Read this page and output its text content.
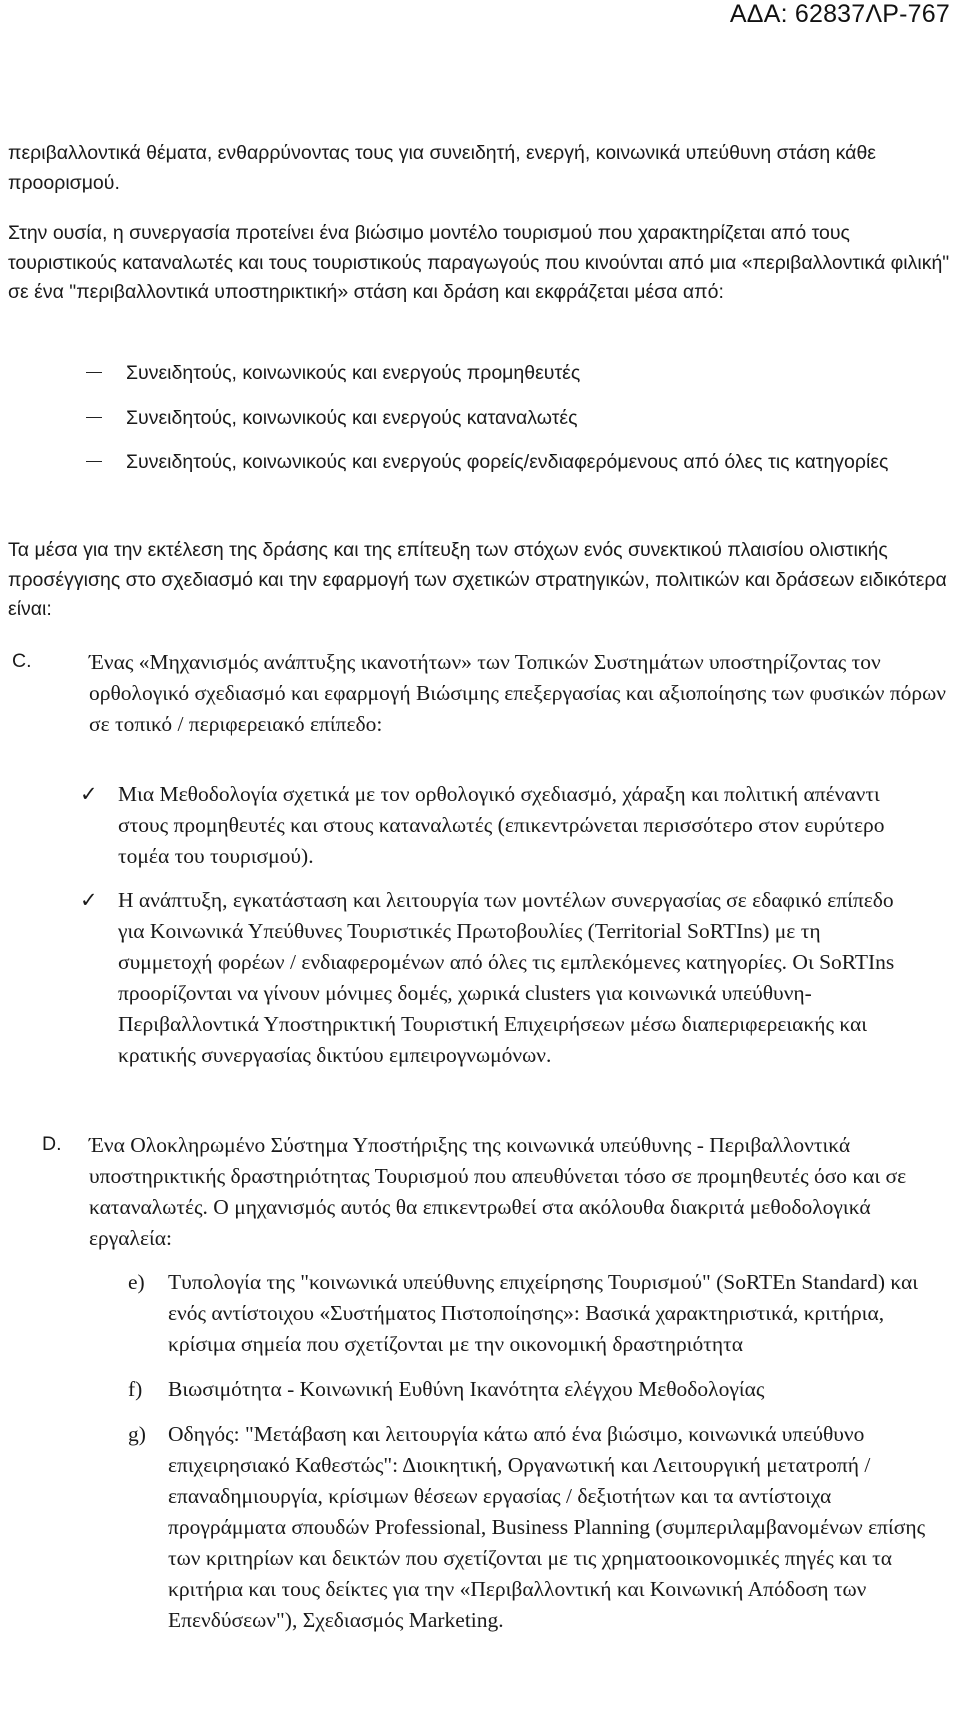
ΑΔΑ: 62837ΛΡ-767

περιβαλλοντικά θέματα, ενθαρρύνοντας τους για συνειδητή, ενεργή, κοινωνικά υπεύθυνη στάση κάθε προορισμού.

Στην ουσία, η συνεργασία προτείνει ένα βιώσιμο μοντέλο τουρισμού που χαρακτηρίζεται από τους τουριστικούς καταναλωτές και τους τουριστικούς παραγωγούς που κινούνται από μια «περιβαλλοντικά φιλική" σε ένα "περιβαλλοντικά υποστηρικτική» στάση και δράση και εκφράζεται μέσα από:

Συνειδητούς, κοινωνικούς και ενεργούς προμηθευτές
Συνειδητούς, κοινωνικούς και ενεργούς καταναλωτές
Συνειδητούς, κοινωνικούς και ενεργούς φορείς/ενδιαφερόμενους από όλες τις κατηγορίες

Τα μέσα για την εκτέλεση της δράσης και της επίτευξη των στόχων ενός συνεκτικού πλαισίου ολιστικής προσέγγισης στο σχεδιασμό και την εφαρμογή των σχετικών στρατηγικών, πολιτικών και δράσεων ειδικότερα είναι:

C.	Ένας «Μηχανισμός ανάπτυξης ικανοτήτων» των Τοπικών Συστημάτων υποστηρίζοντας τον ορθολογικό σχεδιασμό και εφαρμογή Βιώσιμης επεξεργασίας και αξιοποίησης των φυσικών πόρων σε τοπικό / περιφερειακό επίπεδο:
✓ Μια Μεθοδολογία σχετικά με τον ορθολογικό σχεδιασμό, χάραξη και πολιτική απέναντι στους προμηθευτές και στους καταναλωτές (επικεντρώνεται περισσότερο στον ευρύτερο τομέα του τουρισμού).
✓ Η ανάπτυξη, εγκατάσταση και λειτουργία των μοντέλων συνεργασίας σε εδαφικό επίπεδο για Κοινωνικά Υπεύθυνες Τουριστικές Πρωτοβουλίες (Territorial SoRTIns) με τη συμμετοχή φορέων / ενδιαφερομένων από όλες τις εμπλεκόμενες κατηγορίες. Οι SoRTIns προορίζονται να γίνουν μόνιμες δομές, χωρικά clusters για κοινωνικά υπεύθυνη-Περιβαλλοντικά Υποστηρικτική Τουριστική Επιχειρήσεων μέσω διαπεριφερειακής και κρατικής συνεργασίας δικτύου εμπειρογνωμόνων.
D. Ένα Ολοκληρωμένο Σύστημα Υποστήριξης της κοινωνικά υπεύθυνης - Περιβαλλοντικά υποστηρικτικής δραστηριότητας Τουρισμού που απευθύνεται τόσο σε προμηθευτές όσο και σε καταναλωτές. Ο μηχανισμός αυτός θα επικεντρωθεί στα ακόλουθα διακριτά μεθοδολογικά εργαλεία:
e) Τυπολογία της "κοινωνικά υπεύθυνης επιχείρησης Τουρισμού" (SoRTEn Standard) και ενός αντίστοιχου «Συστήματος Πιστοποίησης»: Βασικά χαρακτηριστικά, κριτήρια, κρίσιμα σημεία που σχετίζονται με την οικονομική δραστηριότητα
f) Βιωσιμότητα - Κοινωνική Ευθύνη Ικανότητα ελέγχου Μεθοδολογίας
g) Οδηγός: "Μετάβαση και λειτουργία κάτω από ένα βιώσιμο, κοινωνικά υπεύθυνο επιχειρησιακό Καθεστώς": Διοικητική, Οργανωτική και Λειτουργική μετατροπή / επαναδημιουργία, κρίσιμων θέσεων εργασίας / δεξιοτήτων και τα αντίστοιχα προγράμματα σπουδών Professional, Business Planning (συμπεριλαμβανομένων επίσης των κριτηρίων και δεικτών που σχετίζονται με τις χρηματοοικονομικές πηγές και τα κριτήρια και τους δείκτες για την «Περιβαλλοντική και Κοινωνική Απόδοση των Επενδύσεων"), Σχεδιασμός Marketing.
